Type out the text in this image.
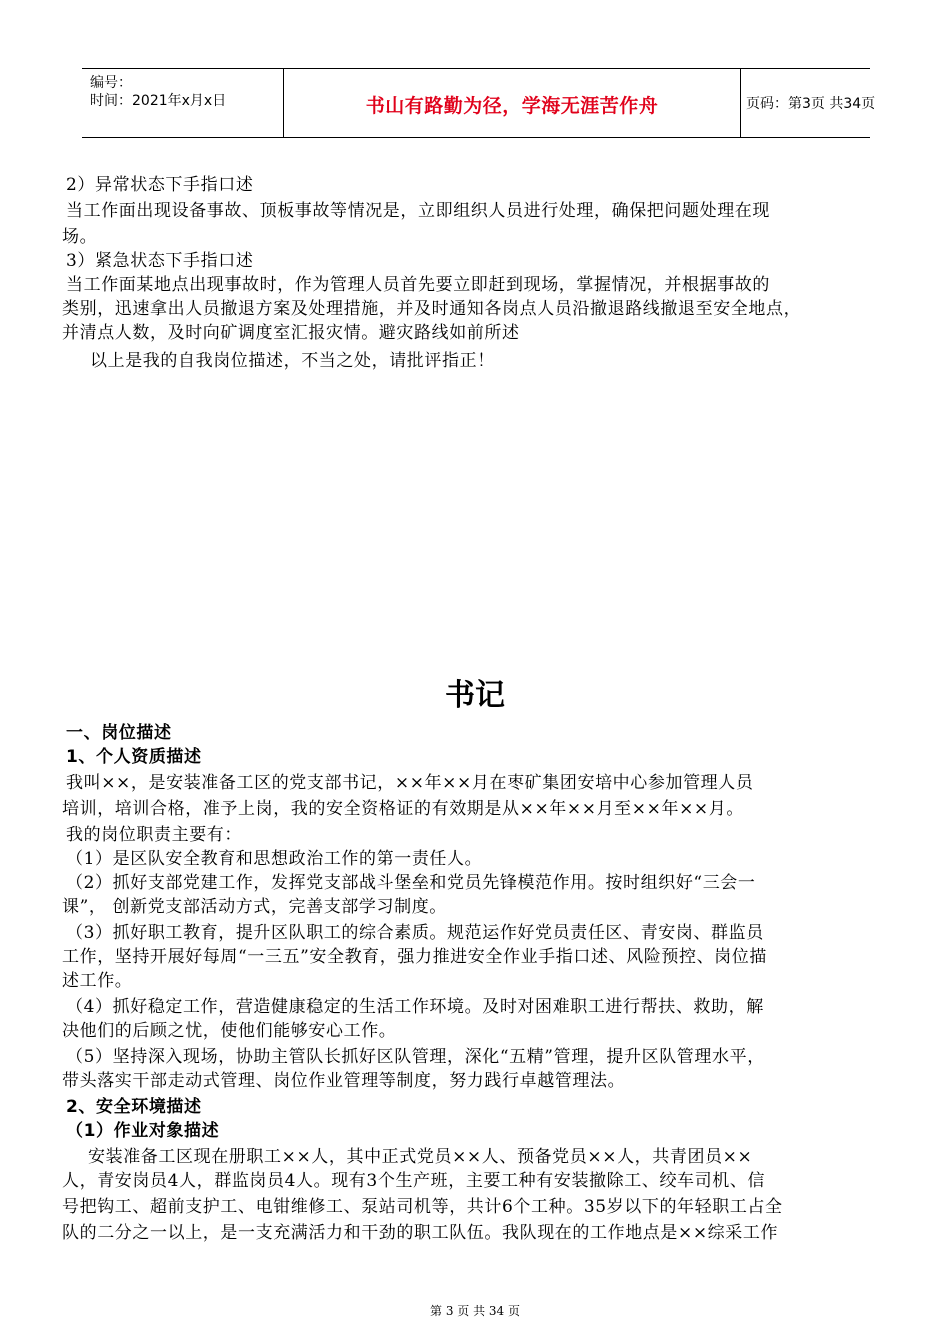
编号：
时间：2021年x月x日	书山有路勤为径，学海无涯苦作舟	页码：第3页 共34页
2）异常状态下手指口述
当工作面出现设备事故、顶板事故等情况是，立即组织人员进行处理，确保把问题处理在现
场。
3）紧急状态下手指口述
当工作面某地点出现事故时，作为管理人员首先要立即赶到现场，掌握情况，并根据事故的
类别，迅速拿出人员撤退方案及处理措施，并及时通知各岗点人员沿撤退路线撤退至安全地点，
并清点人数，及时向矿调度室汇报灾情。避灾路线如前所述
以上是我的自我岗位描述，不当之处，请批评指正！
书记
一、岗位描述
1、个人资质描述
我叫××，是安装准备工区的党支部书记，××年××月在枣矿集团安培中心参加管理人员
培训，培训合格，准予上岗，我的安全资格证的有效期是从××年××月至××年××月。
我的岗位职责主要有：
（1）是区队安全教育和思想政治工作的第一责任人。
（2）抓好支部党建工作，发挥党支部战斗堡垒和党员先锋模范作用。按时组织好“三会一
课”， 创新党支部活动方式，完善支部学习制度。
（3）抓好职工教育，提升区队职工的综合素质。规范运作好党员责任区、青安岗、群监员
工作，坚持开展好每周“一三五”安全教育，强力推进安全作业手指口述、风险预控、岗位描
述工作。
（4）抓好稳定工作，营造健康稳定的生活工作环境。及时对困难职工进行帮扶、救助，解
决他们的后顾之忧，使他们能够安心工作。
（5）坚持深入现场，协助主管队长抓好区队管理，深化“五精”管理，提升区队管理水平，
带头落实干部走动式管理、岗位作业管理等制度，努力践行卓越管理法。
2、安全环境描述
（1）作业对象描述
安装准备工区现在册职工××人，其中正式党员××人、预备党员××人，共青团员××
人，青安岗员4人，群监岗员4人。现有3个生产班，主要工种有安装撤除工、绞车司机、信
号把钩工、超前支护工、电钳维修工、泵站司机等，共计6个工种。35岁以下的年轻职工占全
队的二分之一以上，是一支充满活力和干劲的职工队伍。我队现在的工作地点是××综采工作
第 3 页 共 34 页
